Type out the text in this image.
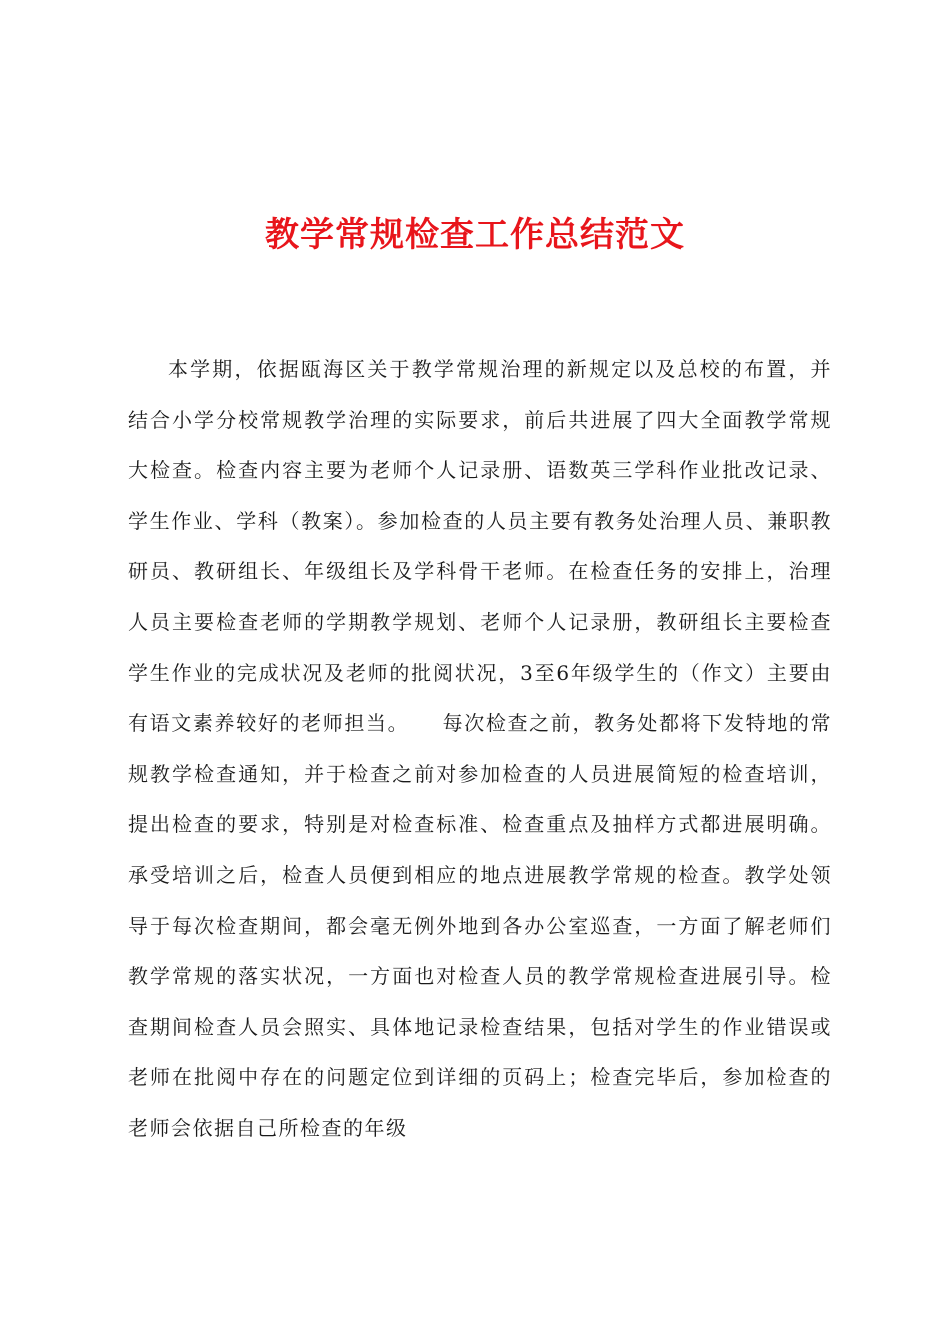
教学常规检查工作总结范文

本学期，依据瓯海区关于教学常规治理的新规定以及总校的布置，并结合小学分校常规教学治理的实际要求，前后共进展了四大全面教学常规大检查。检查内容主要为老师个人记录册、语数英三学科作业批改记录、学生作业、学科（教案）。参加检查的人员主要有教务处治理人员、兼职教研员、教研组长、年级组长及学科骨干老师。在检查任务的安排上，治理人员主要检查老师的学期教学规划、老师个人记录册，教研组长主要检查学生作业的完成状况及老师的批阅状况，3至6年级学生的（作文）主要由有语文素养较好的老师担当。　　每次检查之前，教务处都将下发特地的常规教学检查通知，并于检查之前对参加检查的人员进展简短的检查培训，提出检查的要求，特别是对检查标准、检查重点及抽样方式都进展明确。承受培训之后，检查人员便到相应的地点进展教学常规的检查。教学处领导于每次检查期间，都会毫无例外地到各办公室巡查，一方面了解老师们教学常规的落实状况，一方面也对检查人员的教学常规检查进展引导。检查期间检查人员会照实、具体地记录检查结果，包括对学生的作业错误或老师在批阅中存在的问题定位到详细的页码上；检查完毕后，参加检查的老师会依据自己所检查的年级
